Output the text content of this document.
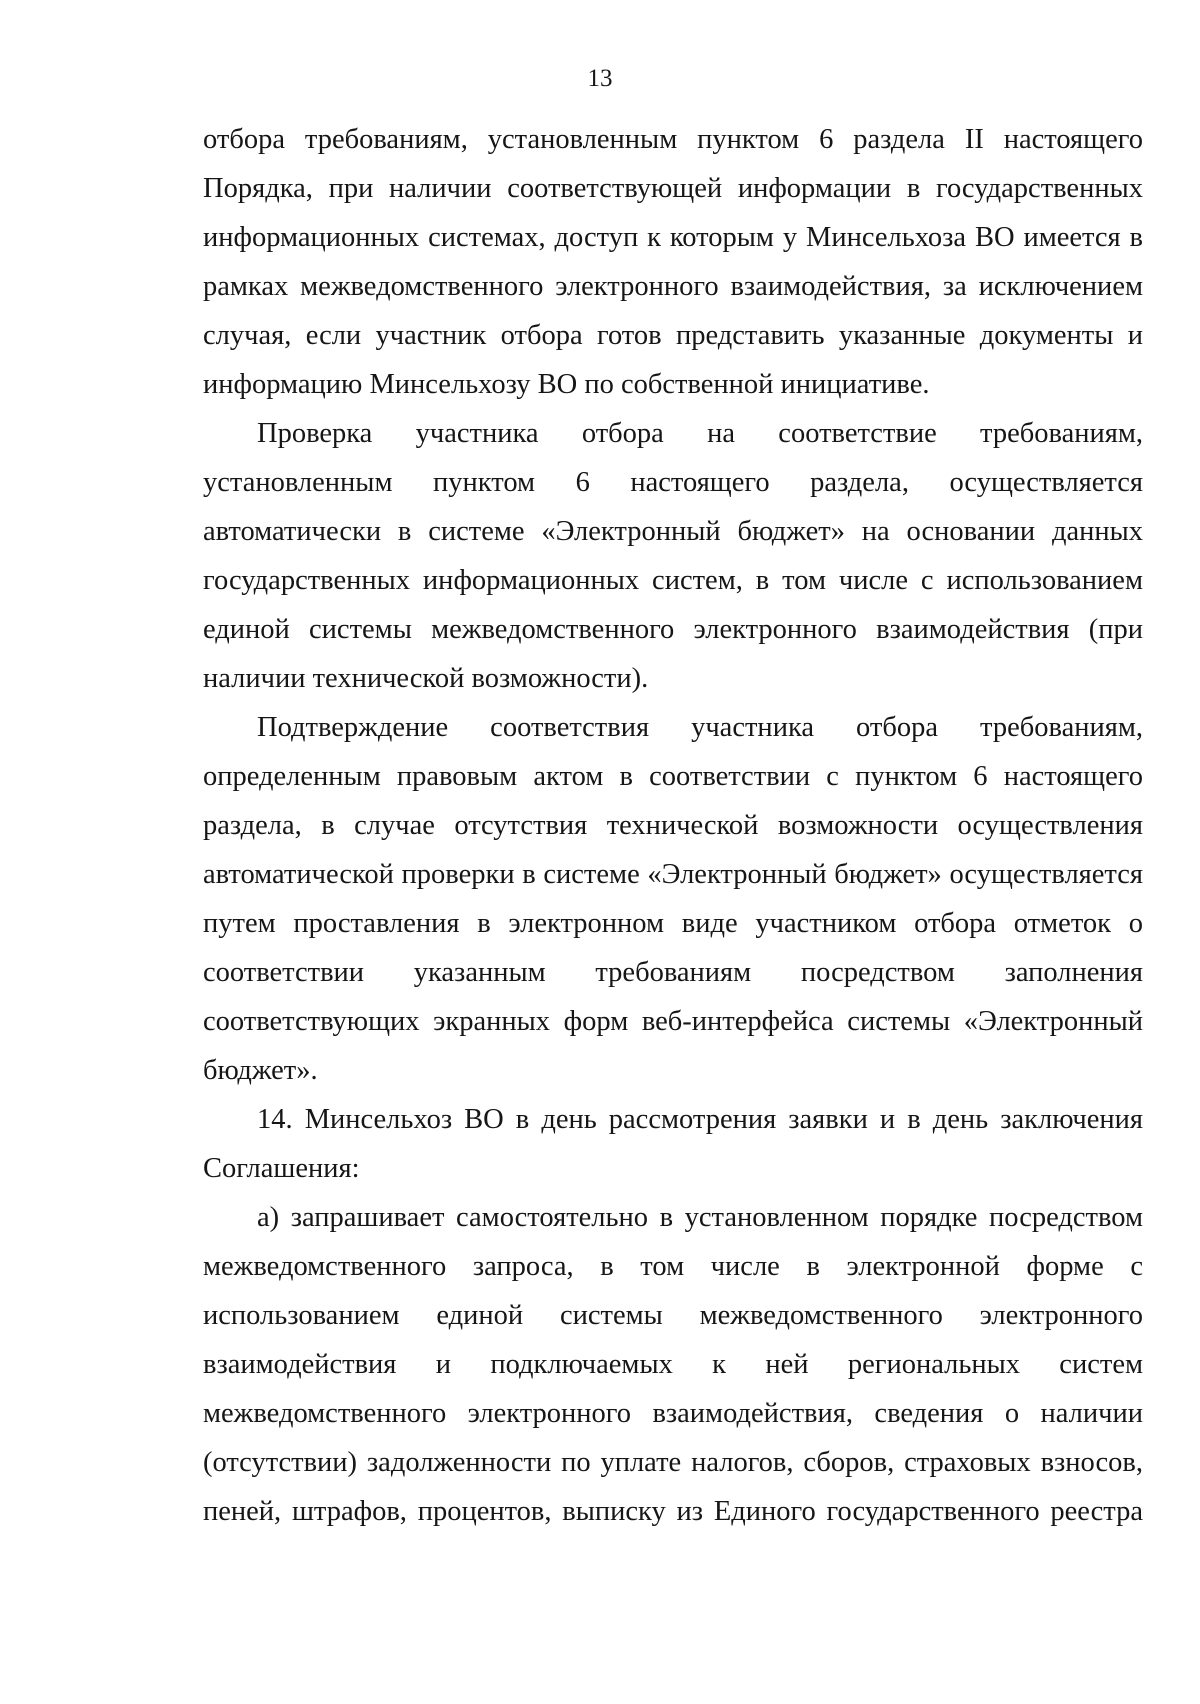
13

отбора требованиям, установленным пунктом 6 раздела II настоящего

Порядка, при наличии соответствующей информации в государственных

информационных системах, доступ к которым у Минсельхоза ВО имеется в

рамках межведомственного электронного взаимодействия, за исключением

случая, если участник отбора готов представить указанные документы и

информацию Минсельхозу ВО по собственной инициативе.

Проверка участника отбора на соответствие требованиям,

установленным пунктом 6 настоящего раздела, осуществляется

автоматически в системе «Электронный бюджет» на основании данных

государственных информационных систем, в том числе с использованием

единой системы межведомственного электронного взаимодействия (при

наличии технической возможности).

Подтверждение соответствия участника отбора требованиям,

определенным правовым актом в соответствии с пунктом 6 настоящего

раздела, в случае отсутствия технической возможности осуществления

автоматической проверки в системе «Электронный бюджет» осуществляется

путем проставления в электронном виде участником отбора отметок о

соответствии указанным требованиям посредством заполнения

соответствующих экранных форм веб-интерфейса системы «Электронный

бюджет».

14. Минсельхоз ВО в день рассмотрения заявки и в день заключения

Соглашения:

а) запрашивает самостоятельно в установленном порядке посредством

межведомственного запроса, в том числе в электронной форме с

использованием единой системы межведомственного электронного

взаимодействия и подключаемых к ней региональных систем

межведомственного электронного взаимодействия, сведения о наличии

(отсутствии) задолженности по уплате налогов, сборов, страховых взносов,

пеней, штрафов, процентов, выписку из Единого государственного реестра
